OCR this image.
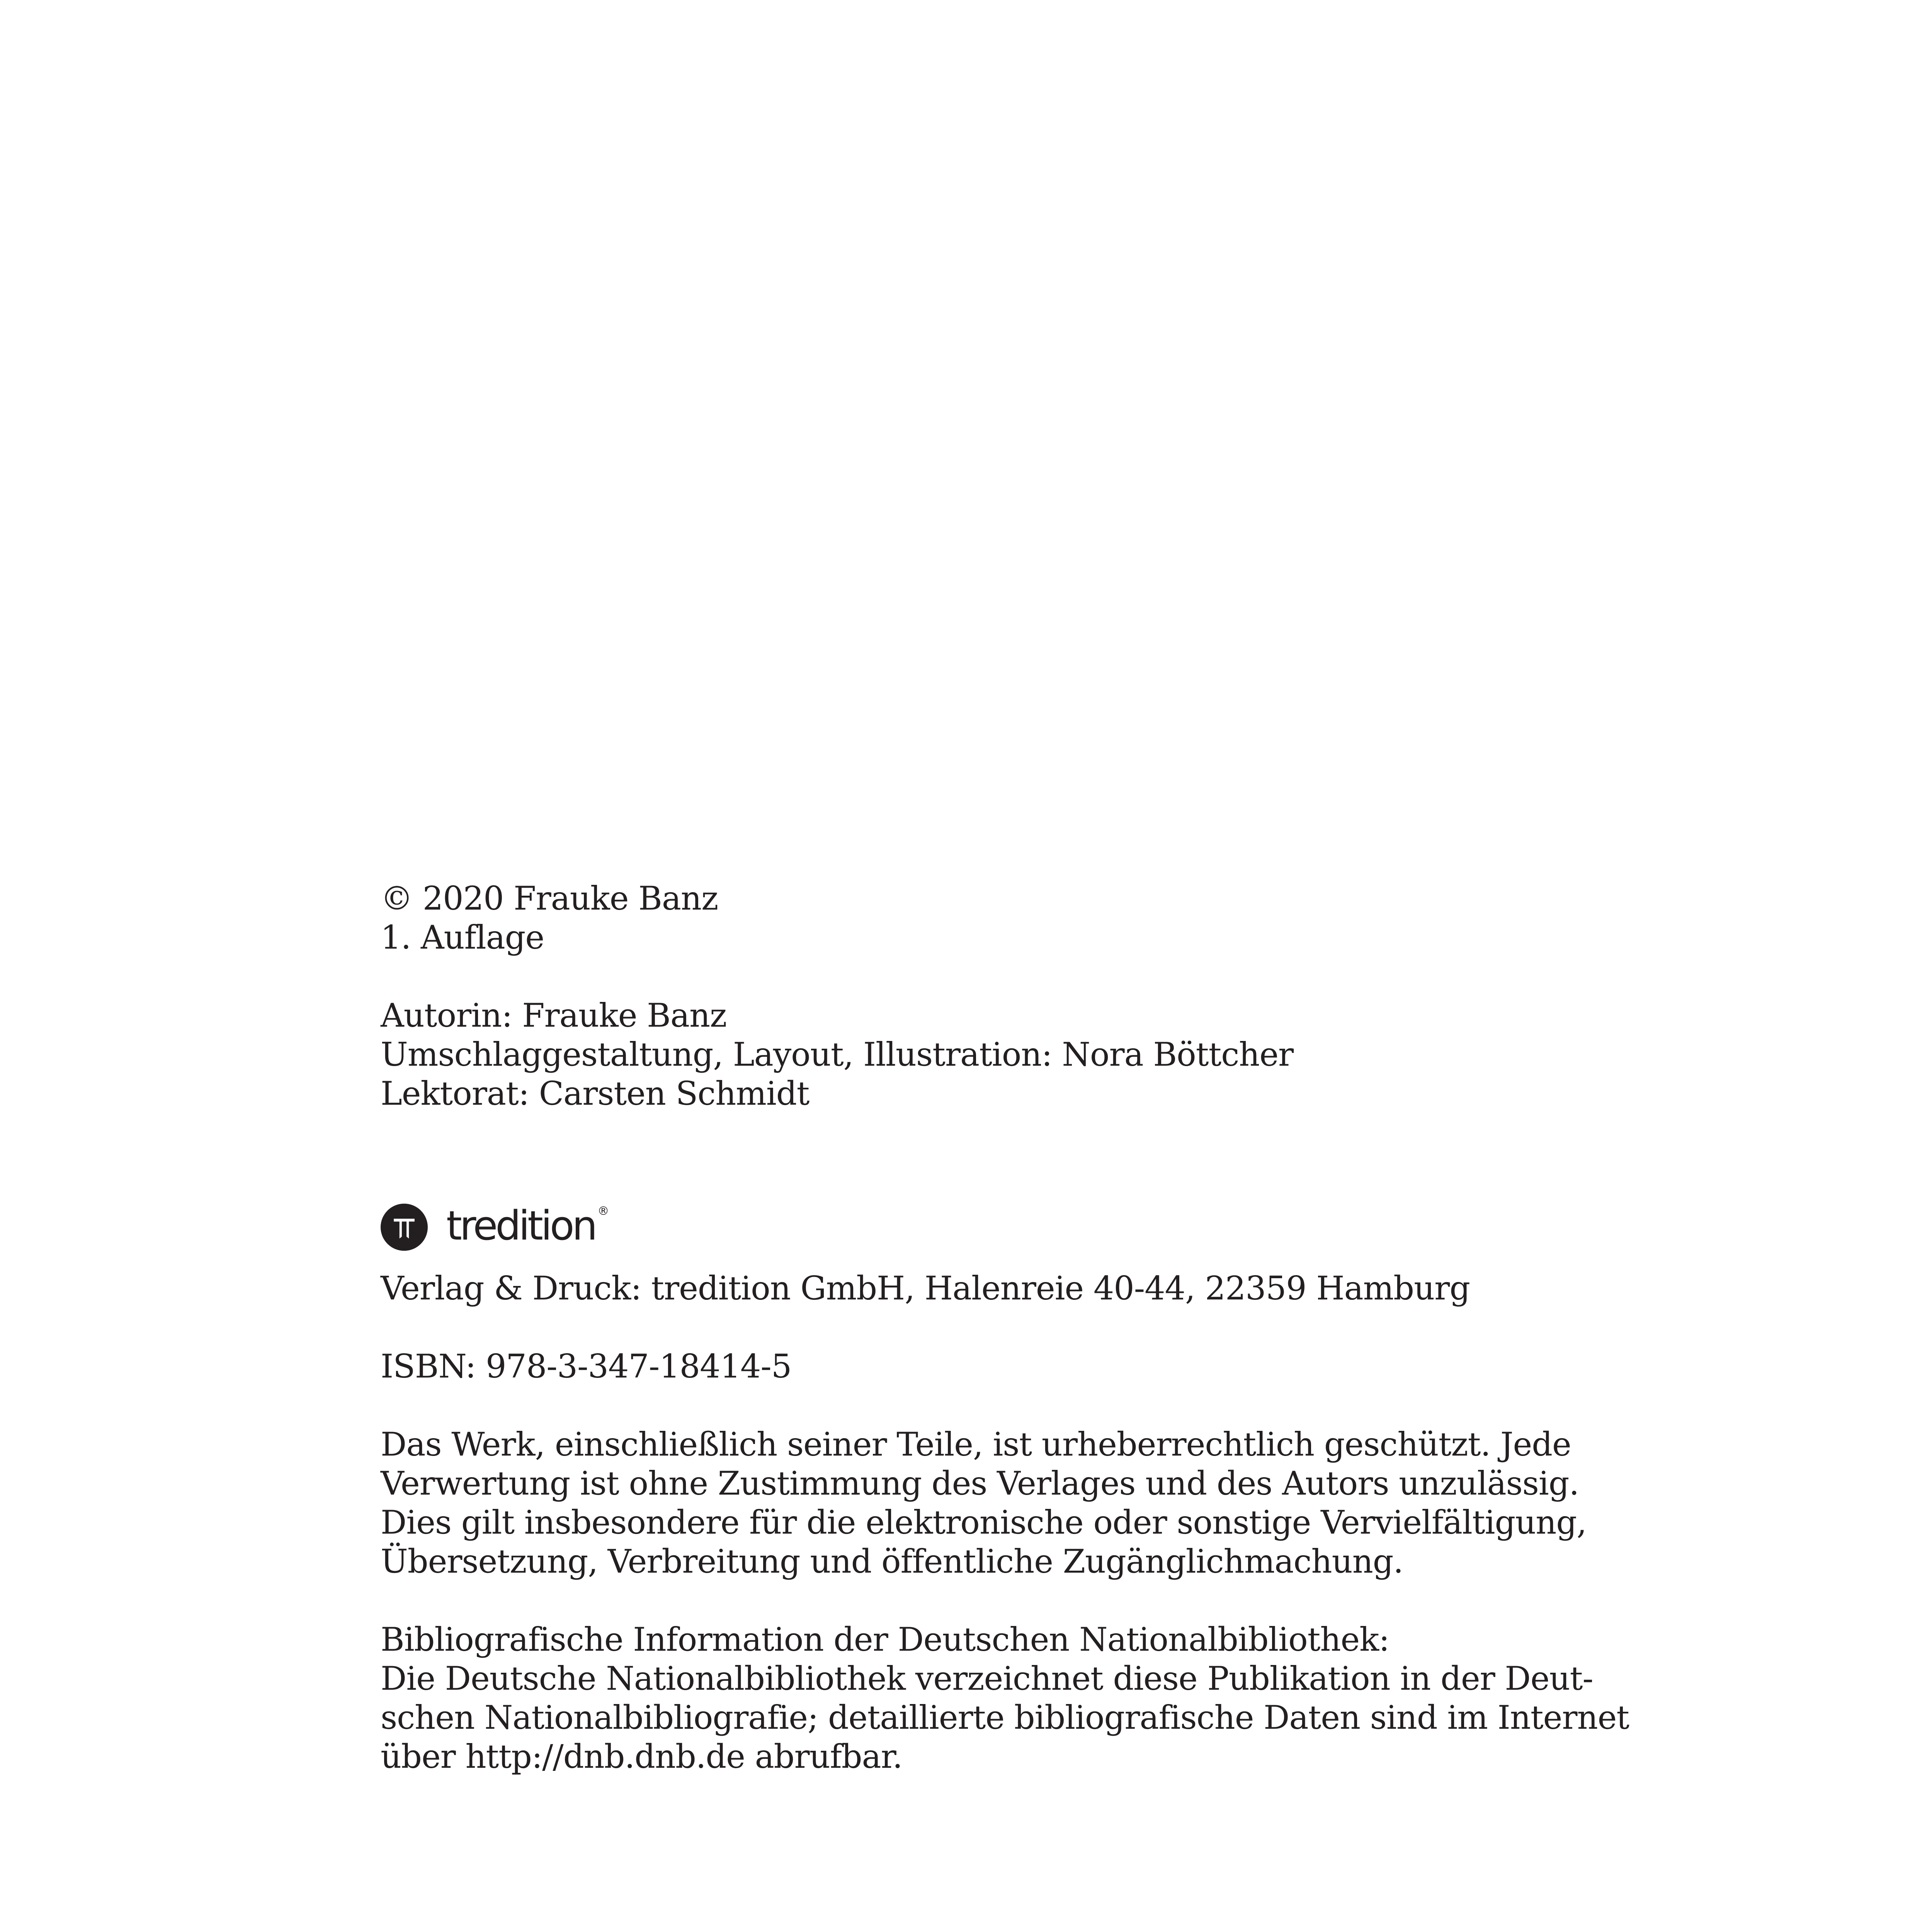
© 2020 Frauke Banz
1. Auflage
Autorin: Frauke Banz
Umschlaggestaltung, Layout, Illustration: Nora Böttcher
Lektorat: Carsten Schmidt
tredition ®
Verlag & Druck: tredition GmbH, Halenreie 40-44, 22359 Hamburg
ISBN: 978-3-347-18414-5
Das Werk, einschließlich seiner Teile, ist urheberrechtlich geschützt. Jede
Verwertung ist ohne Zustimmung des Verlages und des Autors unzulässig.
Dies gilt insbesondere für die elektronische oder sonstige Vervielfältigung,
Übersetzung, Verbreitung und öffentliche Zugänglichmachung.
Bibliografische Information der Deutschen Nationalbibliothek:
Die Deutsche Nationalbibliothek verzeichnet diese Publikation in der Deut-
schen Nationalbibliografie; detaillierte bibliografische Daten sind im Internet
über http://dnb.dnb.de abrufbar.
